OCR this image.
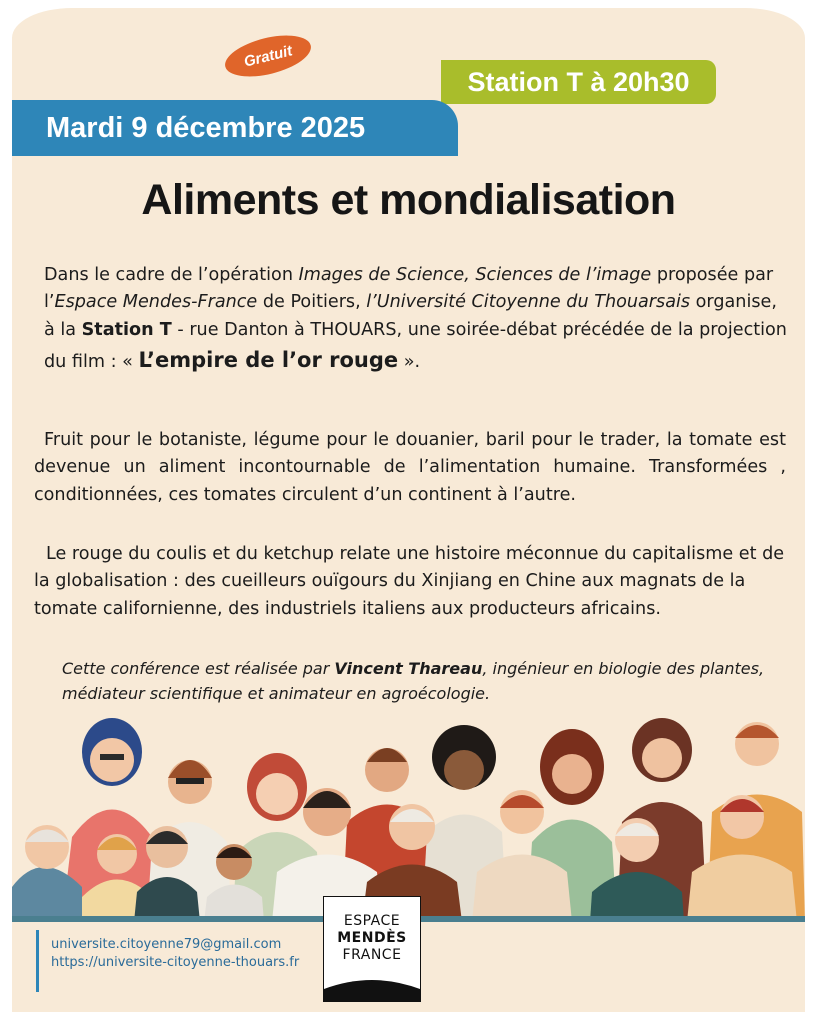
Gratuit
Station T à 20h30
Mardi 9 décembre 2025
Aliments et mondialisation
Dans le cadre de l’opération Images de Science, Sciences de l’image proposée par l’Espace Mendes-France de Poitiers, l’Université Citoyenne du Thouarsais organise, à la Station T - rue Danton à THOUARS, une soirée-débat précédée de la projection du film : « L’empire de l’or rouge ».
Fruit pour le botaniste, légume pour le douanier, baril pour le trader, la tomate est devenue un aliment incontournable de l’alimentation humaine. Transformées , conditionnées, ces tomates circulent d’un continent à l’autre.
Le rouge du coulis et du ketchup relate une histoire méconnue du capitalisme et de la globalisation : des cueilleurs ouïgours du Xinjiang en Chine aux magnats de la tomate californienne, des industriels italiens aux producteurs africains.
Cette conférence est réalisée par Vincent Thareau, ingénieur en biologie des plantes, médiateur scientifique et animateur en agroécologie.
universite.citoyenne79@gmail.com
https://universite-citoyenne-thouars.fr
ESPACE
MENDÈS
FRANCE
